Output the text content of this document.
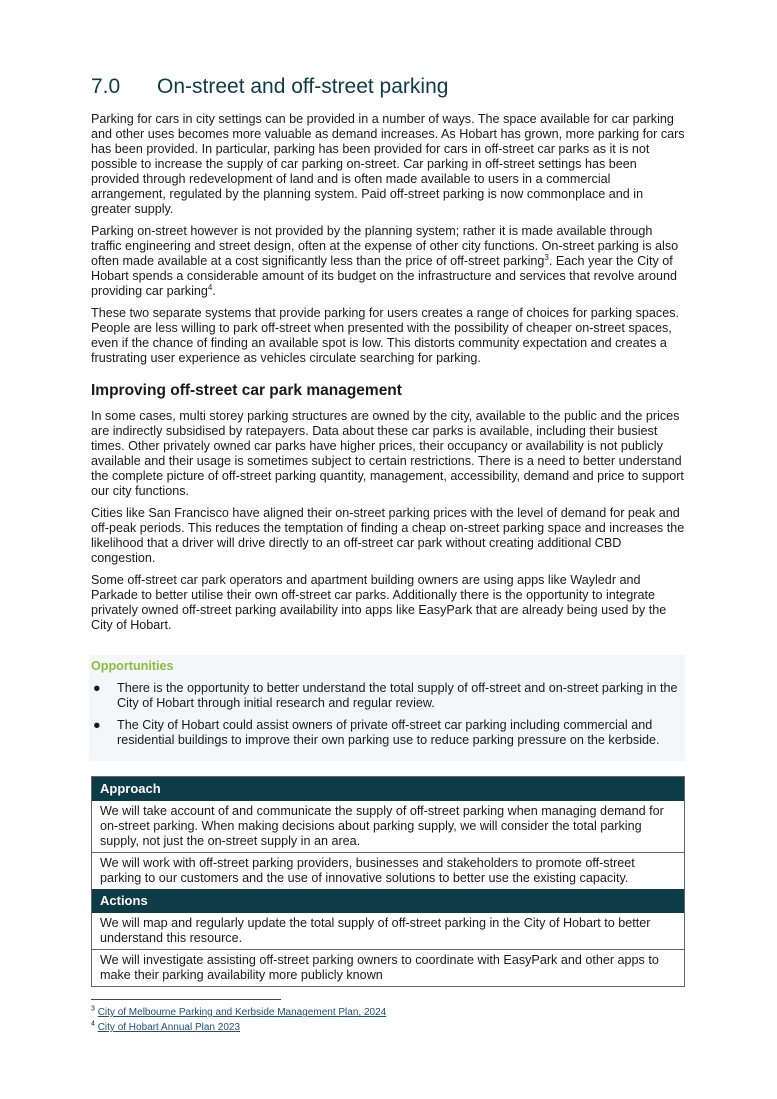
7.0	On-street and off-street parking

Parking for cars in city settings can be provided in a number of ways. The space available for car parking and other uses becomes more valuable as demand increases. As Hobart has grown, more parking for cars has been provided. In particular, parking has been provided for cars in off-street car parks as it is not possible to increase the supply of car parking on-street. Car parking in off-street settings has been provided through redevelopment of land and is often made available to users in a commercial arrangement, regulated by the planning system. Paid off-street parking is now commonplace and in greater supply.

Parking on-street however is not provided by the planning system; rather it is made available through traffic engineering and street design, often at the expense of other city functions. On-street parking is also often made available at a cost significantly less than the price of off-street parking$^3$. Each year the City of Hobart spends a considerable amount of its budget on the infrastructure and services that revolve around providing car parking$^4$.

These two separate systems that provide parking for users creates a range of choices for parking spaces. People are less willing to park off-street when presented with the possibility of cheaper on-street spaces, even if the chance of finding an available spot is low. This distorts community expectation and creates a frustrating user experience as vehicles circulate searching for parking.

Improving off-street car park management

In some cases, multi storey parking structures are owned by the city, available to the public and the prices are indirectly subsidised by ratepayers. Data about these car parks is available, including their busiest times. Other privately owned car parks have higher prices, their occupancy or availability is not publicly available and their usage is sometimes subject to certain restrictions. There is a need to better understand the complete picture of off-street parking quantity, management, accessibility, demand and price to support our city functions.

Cities like San Francisco have aligned their on-street parking prices with the level of demand for peak and off-peak periods. This reduces the temptation of finding a cheap on-street parking space and increases the likelihood that a driver will drive directly to an off-street car park without creating additional CBD congestion.

Some off-street car park operators and apartment building owners are using apps like Wayledr and Parkade to better utilise their own off-street car parks. Additionally there is the opportunity to integrate privately owned off-street parking availability into apps like EasyPark that are already being used by the City of Hobart.

Opportunities
●	There is the opportunity to better understand the total supply of off-street and on-street parking in the City of Hobart through initial research and regular review.
●	The City of Hobart could assist owners of private off-street car parking including commercial and residential buildings to improve their own parking use to reduce parking pressure on the kerbside.
Approach
We will take account of and communicate the supply of off-street parking when managing demand for on-street parking. When making decisions about parking supply, we will consider the total parking supply, not just the on-street supply in an area.
We will work with off-street parking providers, businesses and stakeholders to promote off-street parking to our customers and the use of innovative solutions to better use the existing capacity.
Actions
We will map and regularly update the total supply of off-street parking in the City of Hobart to better understand this resource.
We will investigate assisting off-street parking owners to coordinate with EasyPark and other apps to make their parking availability more publicly known
$^3$ City of Melbourne Parking and Kerbside Management Plan, 2024
$^4$ City of Hobart Annual Plan 2023
